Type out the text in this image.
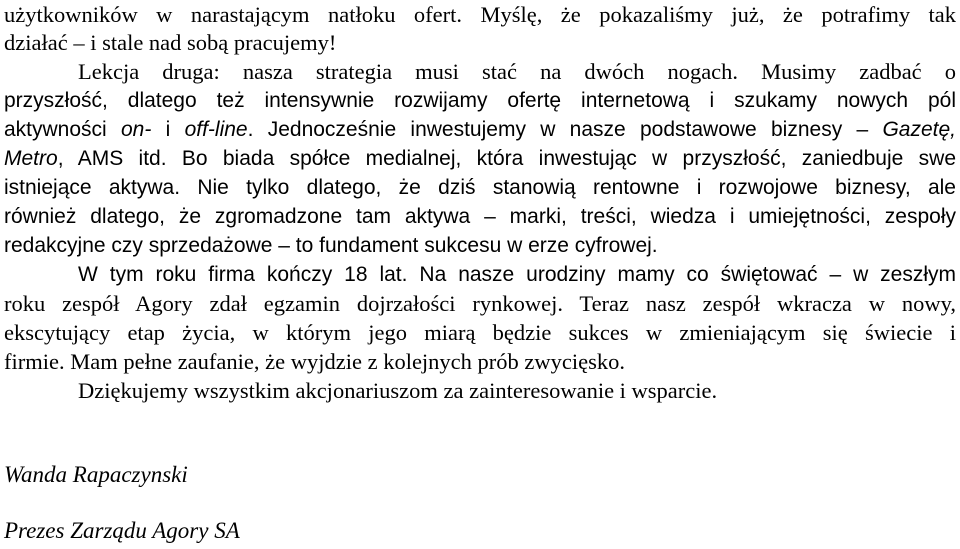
użytkowników w narastającym natłoku ofert. Myślę, że pokazaliśmy już, że potrafimy tak
działać – i stale nad sobą pracujemy!
Lekcja druga: nasza strategia musi stać na dwóch nogach. Musimy zadbać o
przyszłość, dlatego też intensywnie rozwijamy ofertę internetową i szukamy nowych pól
aktywności on- i off-line. Jednocześnie inwestujemy w nasze podstawowe biznesy – Gazetę,
Metro, AMS itd. Bo biada spółce medialnej, która inwestując w przyszłość, zaniedbuje swe
istniejące aktywa. Nie tylko dlatego, że dziś stanowią rentowne i rozwojowe biznesy, ale
również dlatego, że zgromadzone tam aktywa – marki, treści, wiedza i umiejętności, zespoły
redakcyjne czy sprzedażowe – to fundament sukcesu w erze cyfrowej.
W tym roku firma kończy 18 lat. Na nasze urodziny mamy co świętować – w zeszłym
roku zespół Agory zdał egzamin dojrzałości rynkowej. Teraz nasz zespół wkracza w nowy,
ekscytujący etap życia, w którym jego miarą będzie sukces w zmieniającym się świecie i
firmie. Mam pełne zaufanie, że wyjdzie z kolejnych prób zwycięsko.
Dziękujemy wszystkim akcjonariuszom za zainteresowanie i wsparcie.
Wanda Rapaczynski
Prezes Zarządu Agory SA
